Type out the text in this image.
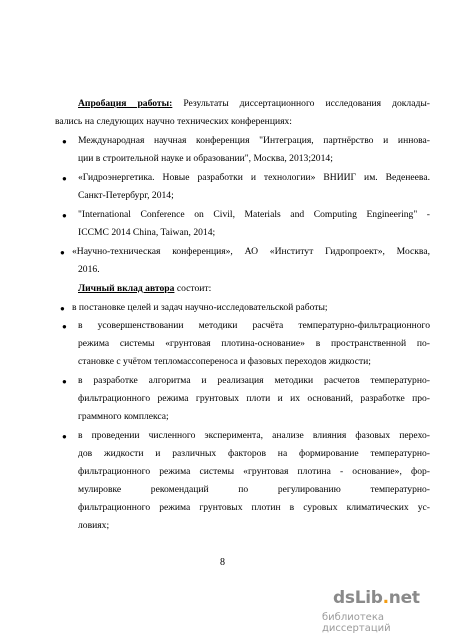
Апробация работы: Результаты диссертационного исследования доклады-
вались на следующих научно технических конференциях:
● Международная научная конференция "Интеграция, партнёрство и иннова-
ции в строительной науке и образовании", Москва, 2013;2014;
● «Гидроэнергетика. Новые разработки и технологии» ВНИИГ им. Веденеева.
Санкт-Петербург, 2014;
● "International Conference on Civil, Materials and Computing Engineering" -
ICCMC 2014 China, Taiwan, 2014;
● «Научно-техническая конференция», АО «Институт Гидропроект», Москва,
2016.
Личный вклад автора состоит:
● в постановке целей и задач научно-исследовательской работы;
● в усовершенствовании методики расчёта температурно-фильтрационного
режима системы «грунтовая плотина-основание» в пространственной по-
становке с учётом тепломассопереноса и фазовых переходов жидкости;
● в разработке алгоритма и реализация методики расчетов температурно-
фильтрационного режима грунтовых плоти и их оснований, разработке про-
граммного комплекса;
● в проведении численного эксперимента, анализе влияния фазовых перехо-
дов жидкости и различных факторов на формирование температурно-
фильтрационного режима системы «грунтовая плотина - основание», фор-
мулировке рекомендаций по регулированию температурно-
фильтрационного режима грунтовых плотин в суровых климатических ус-
ловиях;
8
dsLib.net
библиотека диссертаций
